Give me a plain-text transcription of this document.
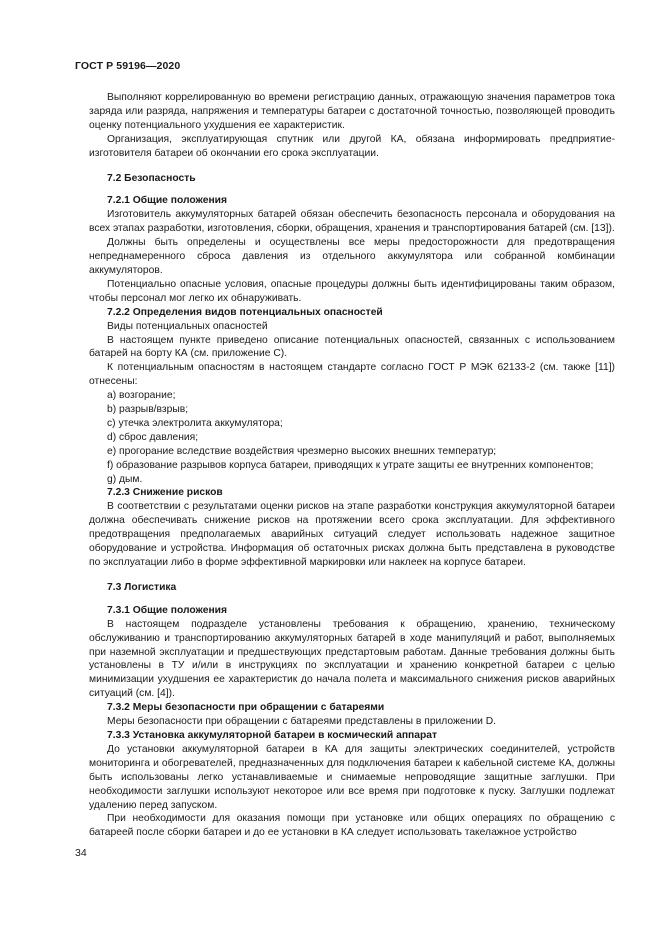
ГОСТ Р 59196—2020

Выполняют коррелированную во времени регистрацию данных, отражающую значения параметров тока заряда или разряда, напряжения и температуры батареи с достаточной точностью, позволяющей проводить оценку потенциального ухудшения ее характеристик.

Организация, эксплуатирующая спутник или другой КА, обязана информировать предприятие-изготовителя батареи об окончании его срока эксплуатации.

7.2 Безопасность
7.2.1 Общие положения

Изготовитель аккумуляторных батарей обязан обеспечить безопасность персонала и оборудования на всех этапах разработки, изготовления, сборки, обращения, хранения и транспортирования батарей (см. [13]).

Должны быть определены и осуществлены все меры предосторожности для предотвращения непреднамеренного сброса давления из отдельного аккумулятора или собранной комбинации аккумуляторов.

Потенциально опасные условия, опасные процедуры должны быть идентифицированы таким образом, чтобы персонал мог легко их обнаруживать.

7.2.2 Определения видов потенциальных опасностей

Виды потенциальных опасностей

В настоящем пункте приведено описание потенциальных опасностей, связанных с использованием батарей на борту КА (см. приложение С).

К потенциальным опасностям в настоящем стандарте согласно ГОСТ Р МЭК 62133-2 (см. также [11]) отнесены:

a) возгорание;

b) разрыв/взрыв;

c) утечка электролита аккумулятора;

d) сброс давления;

e) прогорание вследствие воздействия чрезмерно высоких внешних температур;

f) образование разрывов корпуса батареи, приводящих к утрате защиты ее внутренних компонентов;

g) дым.

7.2.3 Снижение рисков

В соответствии с результатами оценки рисков на этапе разработки конструкция аккумуляторной батареи должна обеспечивать снижение рисков на протяжении всего срока эксплуатации. Для эффективного предотвращения предполагаемых аварийных ситуаций следует использовать надежное защитное оборудование и устройства. Информация об остаточных рисках должна быть представлена в руководстве по эксплуатации либо в форме эффективной маркировки или наклеек на корпусе батареи.

7.3 Логистика
7.3.1 Общие положения

В настоящем подразделе установлены требования к обращению, хранению, техническому обслуживанию и транспортированию аккумуляторных батарей в ходе манипуляций и работ, выполняемых при наземной эксплуатации и предшествующих предстартовым работам. Данные требования должны быть установлены в ТУ и/или в инструкциях по эксплуатации и хранению конкретной батареи с целью минимизации ухудшения ее характеристик до начала полета и максимального снижения рисков аварийных ситуаций (см. [4]).

7.3.2 Меры безопасности при обращении с батареями

Меры безопасности при обращении с батареями представлены в приложении D.

7.3.3 Установка аккумуляторной батареи в космический аппарат

До установки аккумуляторной батареи в КА для защиты электрических соединителей, устройств мониторинга и обогревателей, предназначенных для подключения батареи к кабельной системе КА, должны быть использованы легко устанавливаемые и снимаемые непроводящие защитные заглушки. При необходимости заглушки используют некоторое или все время при подготовке к пуску. Заглушки подлежат удалению перед запуском.

При необходимости для оказания помощи при установке или общих операциях по обращению с батареей после сборки батареи и до ее установки в КА следует использовать такелажное устройство

34
